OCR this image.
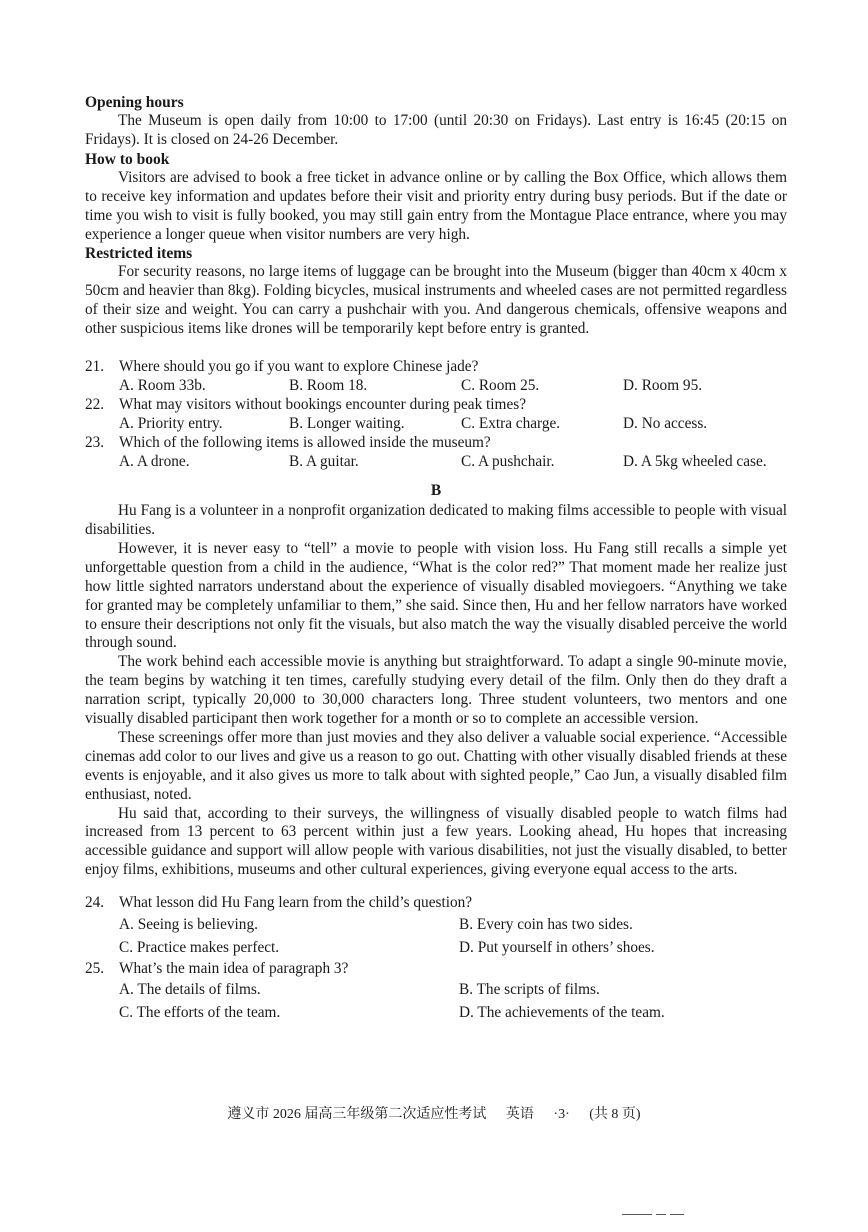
Opening hours

The Museum is open daily from 10:00 to 17:00 (until 20:30 on Fridays). Last entry is 16:45 (20:15 on Fridays). It is closed on 24-26 December.

How to book

Visitors are advised to book a free ticket in advance online or by calling the Box Office, which allows them to receive key information and updates before their visit and priority entry during busy periods. But if the date or time you wish to visit is fully booked, you may still gain entry from the Montague Place entrance, where you may experience a longer queue when visitor numbers are very high.

Restricted items

For security reasons, no large items of luggage can be brought into the Museum (bigger than 40cm x 40cm x 50cm and heavier than 8kg). Folding bicycles, musical instruments and wheeled cases are not permitted regardless of their size and weight. You can carry a pushchair with you. And dangerous chemicals, offensive weapons and other suspicious items like drones will be temporarily kept before entry is granted.

21. Where should you go if you want to explore Chinese jade?
A. Room 33b.	B. Room 18.	C. Room 25.	D. Room 95.
22. What may visitors without bookings encounter during peak times?
A. Priority entry.	B. Longer waiting.	C. Extra charge.	D. No access.
23. Which of the following items is allowed inside the museum?
A. A drone.	B. A guitar.	C. A pushchair.	D. A 5kg wheeled case.
B

Hu Fang is a volunteer in a nonprofit organization dedicated to making films accessible to people with visual disabilities.

However, it is never easy to “tell” a movie to people with vision loss. Hu Fang still recalls a simple yet unforgettable question from a child in the audience, “What is the color red?” That moment made her realize just how little sighted narrators understand about the experience of visually disabled moviegoers. “Anything we take for granted may be completely unfamiliar to them,” she said. Since then, Hu and her fellow narrators have worked to ensure their descriptions not only fit the visuals, but also match the way the visually disabled perceive the world through sound.

The work behind each accessible movie is anything but straightforward. To adapt a single 90-minute movie, the team begins by watching it ten times, carefully studying every detail of the film. Only then do they draft a narration script, typically 20,000 to 30,000 characters long. Three student volunteers, two mentors and one visually disabled participant then work together for a month or so to complete an accessible version.

These screenings offer more than just movies and they also deliver a valuable social experience. “Accessible cinemas add color to our lives and give us a reason to go out. Chatting with other visually disabled friends at these events is enjoyable, and it also gives us more to talk about with sighted people,” Cao Jun, a visually disabled film enthusiast, noted.

Hu said that, according to their surveys, the willingness of visually disabled people to watch films had increased from 13 percent to 63 percent within just a few years. Looking ahead, Hu hopes that increasing accessible guidance and support will allow people with various disabilities, not just the visually disabled, to better enjoy films, exhibitions, museums and other cultural experiences, giving everyone equal access to the arts.

24. What lesson did Hu Fang learn from the child’s question?
A. Seeing is believing.	B. Every coin has two sides.
C. Practice makes perfect.	D. Put yourself in others’ shoes.
25. What’s the main idea of paragraph 3?
A. The details of films.	B. The scripts of films.
C. The efforts of the team.	D. The achievements of the team.
遵义市 2026 届高三年级第二次适应性考试 英语 ·3· (共 8 页)
